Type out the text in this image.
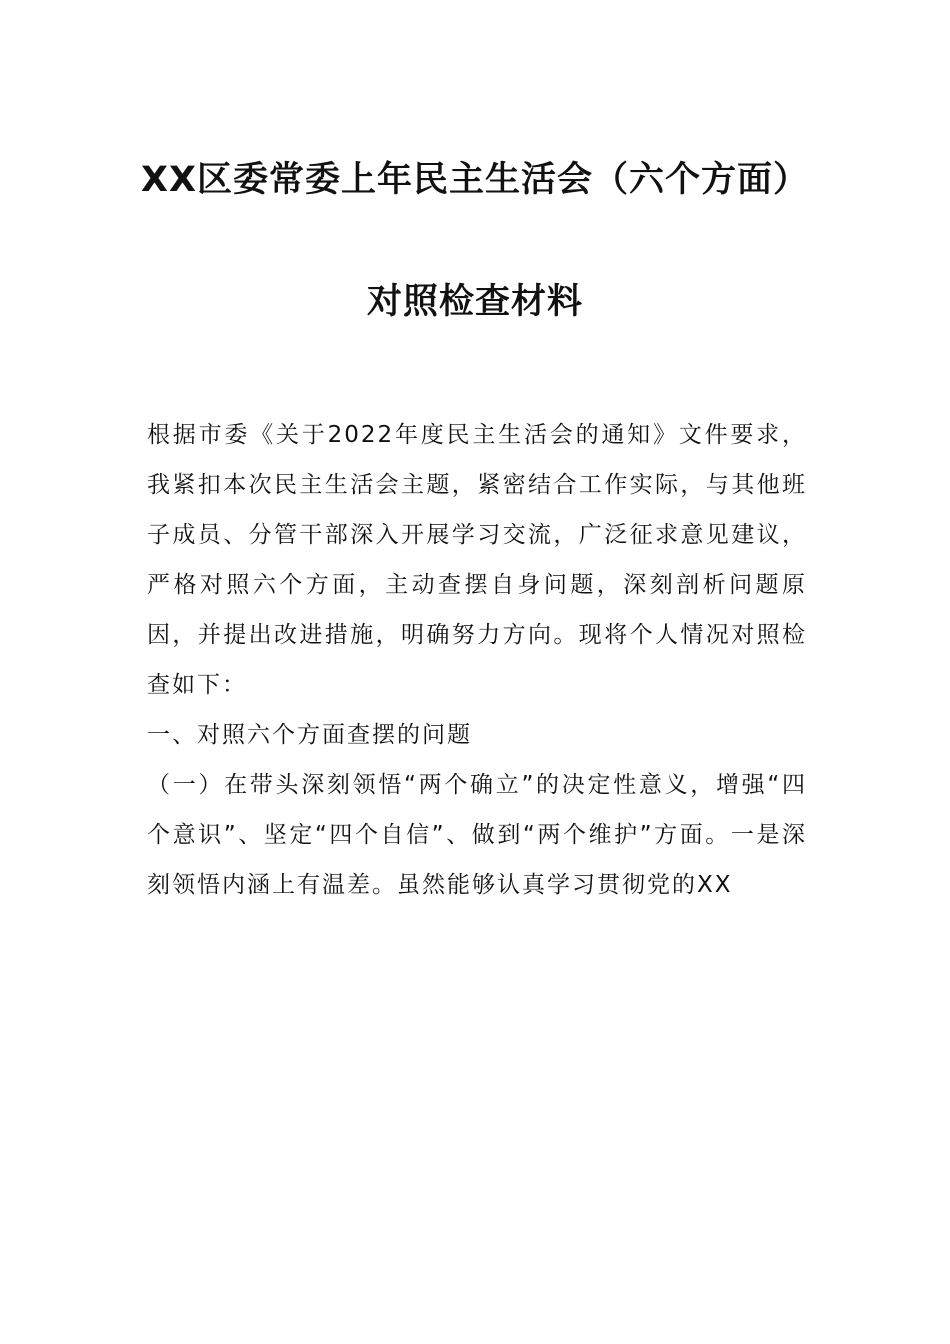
XX区委常委上年民主生活会（六个方面）
对照检查材料

根据市委《关于2022年度民主生活会的通知》文件要求，我紧扣本次民主生活会主题，紧密结合工作实际，与其他班子成员、分管干部深入开展学习交流，广泛征求意见建议，严格对照六个方面，主动查摆自身问题，深刻剖析问题原因，并提出改进措施，明确努力方向。现将个人情况对照检查如下：

一、对照六个方面查摆的问题

（一）在带头深刻领悟“两个确立”的决定性意义，增强“四个意识”、坚定“四个自信”、做到“两个维护”方面。一是深刻领悟内涵上有温差。虽然能够认真学习贯彻党的XX
